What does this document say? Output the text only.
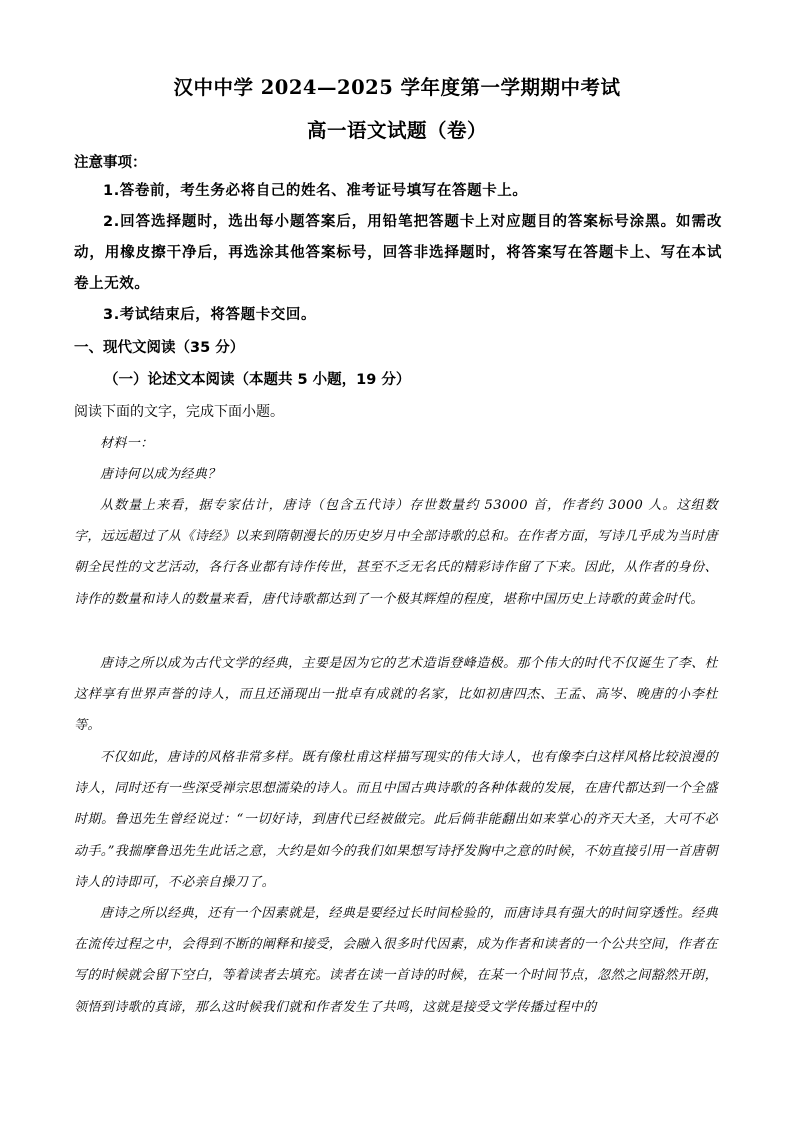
汉中中学 2024—2025 学年度第一学期期中考试
高一语文试题（卷）
注意事项：
1.答卷前，考生务必将自己的姓名、准考证号填写在答题卡上。
2.回答选择题时，选出每小题答案后，用铅笔把答题卡上对应题目的答案标号涂黑。如需改动，用橡皮擦干净后，再选涂其他答案标号，回答非选择题时，将答案写在答题卡上、写在本试卷上无效。
3.考试结束后，将答题卡交回。
一、现代文阅读（35 分）
（一）论述文本阅读（本题共 5 小题，19 分）
阅读下面的文字，完成下面小题。
材料一：
唐诗何以成为经典？
从数量上来看，据专家估计，唐诗（包含五代诗）存世数量约 53000 首，作者约 3000 人。这组数字，远远超过了从《诗经》以来到隋朝漫长的历史岁月中全部诗歌的总和。在作者方面，写诗几乎成为当时唐朝全民性的文艺活动，各行各业都有诗作传世，甚至不乏无名氏的精彩诗作留了下来。因此，从作者的身份、诗作的数量和诗人的数量来看，唐代诗歌都达到了一个极其辉煌的程度，堪称中国历史上诗歌的黄金时代。
唐诗之所以成为古代文学的经典，主要是因为它的艺术造诣登峰造极。那个伟大的时代不仅诞生了李、杜这样享有世界声誉的诗人，而且还涌现出一批卓有成就的名家，比如初唐四杰、王孟、高岑、晚唐的小李杜等。
不仅如此，唐诗的风格非常多样。既有像杜甫这样描写现实的伟大诗人，也有像李白这样风格比较浪漫的诗人，同时还有一些深受禅宗思想濡染的诗人。而且中国古典诗歌的各种体裁的发展，在唐代都达到一个全盛时期。鲁迅先生曾经说过：“一切好诗，到唐代已经被做完。此后倘非能翻出如来掌心的齐天大圣，大可不必动手。”我揣摩鲁迅先生此话之意，大约是如今的我们如果想写诗抒发胸中之意的时候，不妨直接引用一首唐朝诗人的诗即可，不必亲自操刀了。
唐诗之所以经典，还有一个因素就是，经典是要经过长时间检验的，而唐诗具有强大的时间穿透性。经典在流传过程之中，会得到不断的阐释和接受，会融入很多时代因素，成为作者和读者的一个公共空间，作者在写的时候就会留下空白，等着读者去填充。读者在读一首诗的时候，在某一个时间节点，忽然之间豁然开朗，领悟到诗歌的真谛，那么这时候我们就和作者发生了共鸣，这就是接受文学传播过程中的
